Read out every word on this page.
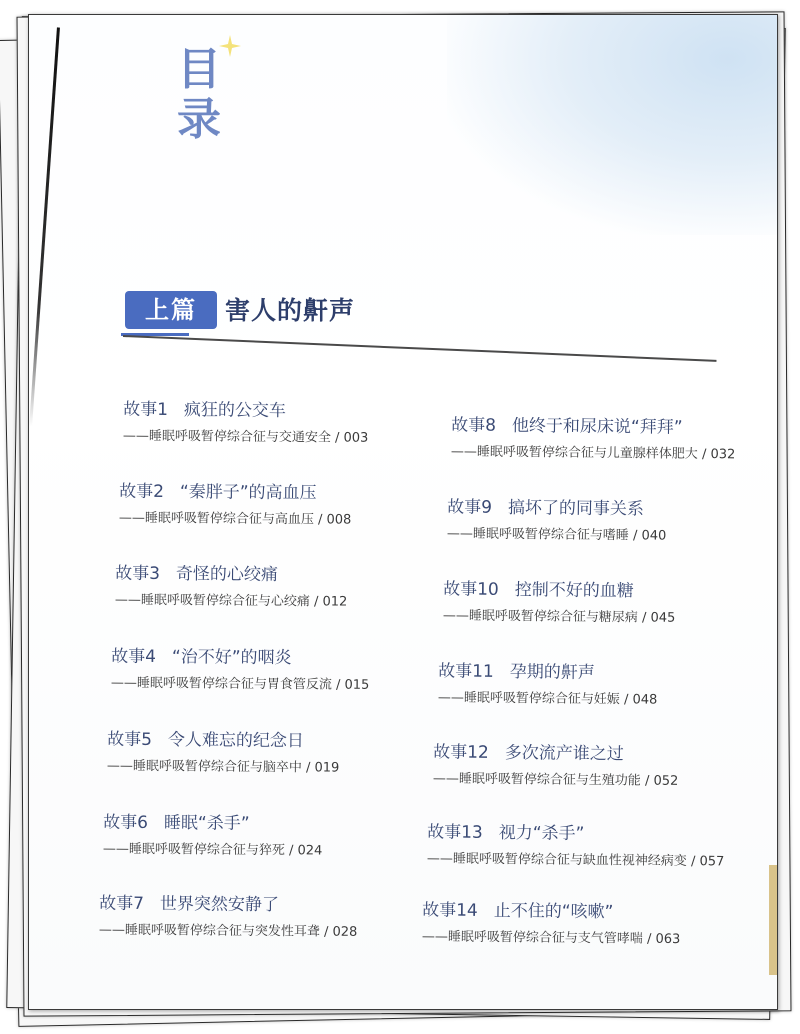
目
录
上篇	害人的鼾声
故事1 疯狂的公交车
——睡眠呼吸暂停综合征与交通安全 / 003
故事2 “秦胖子”的高血压
——睡眠呼吸暂停综合征与高血压 / 008
故事3 奇怪的心绞痛
——睡眠呼吸暂停综合征与心绞痛 / 012
故事4 “治不好”的咽炎
——睡眠呼吸暂停综合征与胃食管反流 / 015
故事5 令人难忘的纪念日
——睡眠呼吸暂停综合征与脑卒中 / 019
故事6 睡眠“杀手”
——睡眠呼吸暂停综合征与猝死 / 024
故事7 世界突然安静了
——睡眠呼吸暂停综合征与突发性耳聋 / 028
故事8 他终于和尿床说“拜拜”
——睡眠呼吸暂停综合征与儿童腺样体肥大 / 032
故事9 搞坏了的同事关系
——睡眠呼吸暂停综合征与嗜睡 / 040
故事10 控制不好的血糖
——睡眠呼吸暂停综合征与糖尿病 / 045
故事11 孕期的鼾声
——睡眠呼吸暂停综合征与妊娠 / 048
故事12 多次流产谁之过
——睡眠呼吸暂停综合征与生殖功能 / 052
故事13 视力“杀手”
——睡眠呼吸暂停综合征与缺血性视神经病变 / 057
故事14 止不住的“咳嗽”
——睡眠呼吸暂停综合征与支气管哮喘 / 063
